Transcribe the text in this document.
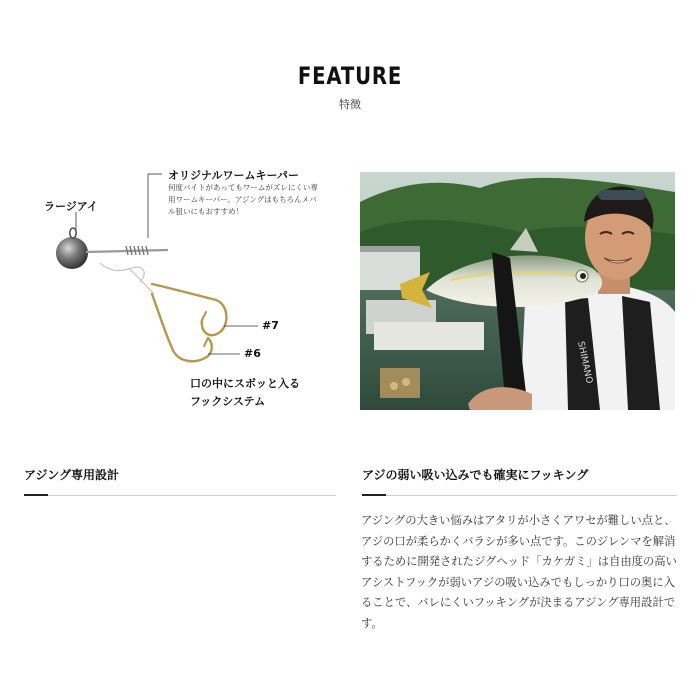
FEATURE
特徴
ラージアイ
オリジナルワームキーパー
何度バイトがあってもワームがズレにくい専用ワームキーパー。アジングはもちろんメバル狙いにもおすすめ！
#7
#6
口の中にスボッと入る
フックシステム
SHIMANO
アジング専用設計	アジの弱い吸い込みでも確実にフッキング
アジングの大きい悩みはアタリが小さくアワセが難しい点と、アジの口が柔らかくバラシが多い点です。このジレンマを解消するために開発されたジグヘッド「カケガミ」は自由度の高いアシストフックが弱いアジの吸い込みでもしっかり口の奥に入ることで、バレにくいフッキングが決まるアジング専用設計です。
